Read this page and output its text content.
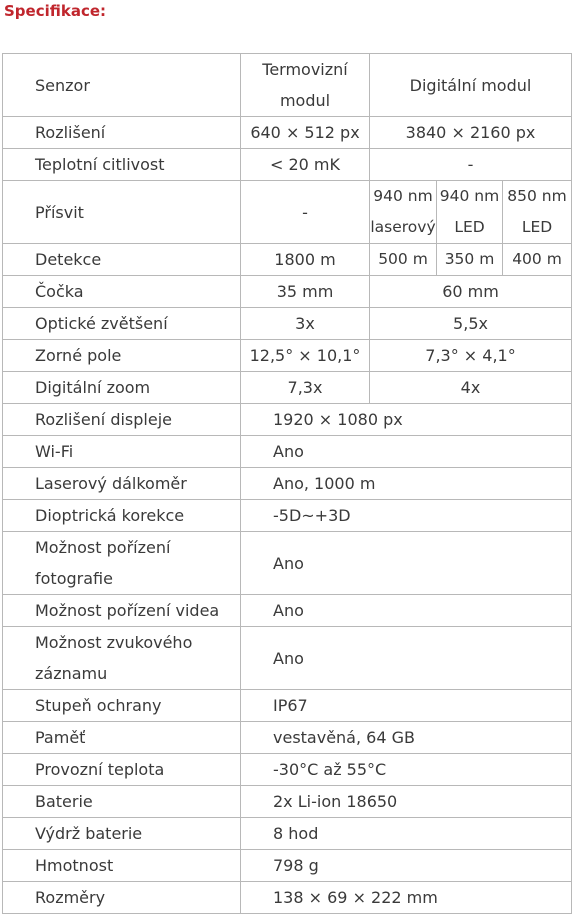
Specifikace:
Senzor	Termovizní modul	Digitální modul		
Rozlišení	640 × 512 px	3840 × 2160 px		
Teplotní citlivost	< 20 mK	-		
Přísvit	-	940 nm laserový	940 nm LED	850 nm LED
Detekce	1800 m	500 m	350 m	400 m
Čočka	35 mm	60 mm		
Optické zvětšení	3x	5,5x		
Zorné pole	12,5° × 10,1°	7,3° × 4,1°		
Digitální zoom	7,3x	4x		
Rozlišení displeje	1920 × 1080 px			
Wi-Fi	Ano			
Laserový dálkoměr	Ano, 1000 m			
Dioptrická korekce	-5D~+3D			
Možnost pořízení fotografie	Ano			
Možnost pořízení videa	Ano			
Možnost zvukového záznamu	Ano			
Stupeň ochrany	IP67			
Paměť	vestavěná, 64 GB			
Provozní teplota	-30°C až 55°C			
Baterie	2x Li-ion 18650			
Výdrž baterie	8 hod			
Hmotnost	798 g			
Rozměry	138 × 69 × 222 mm			
